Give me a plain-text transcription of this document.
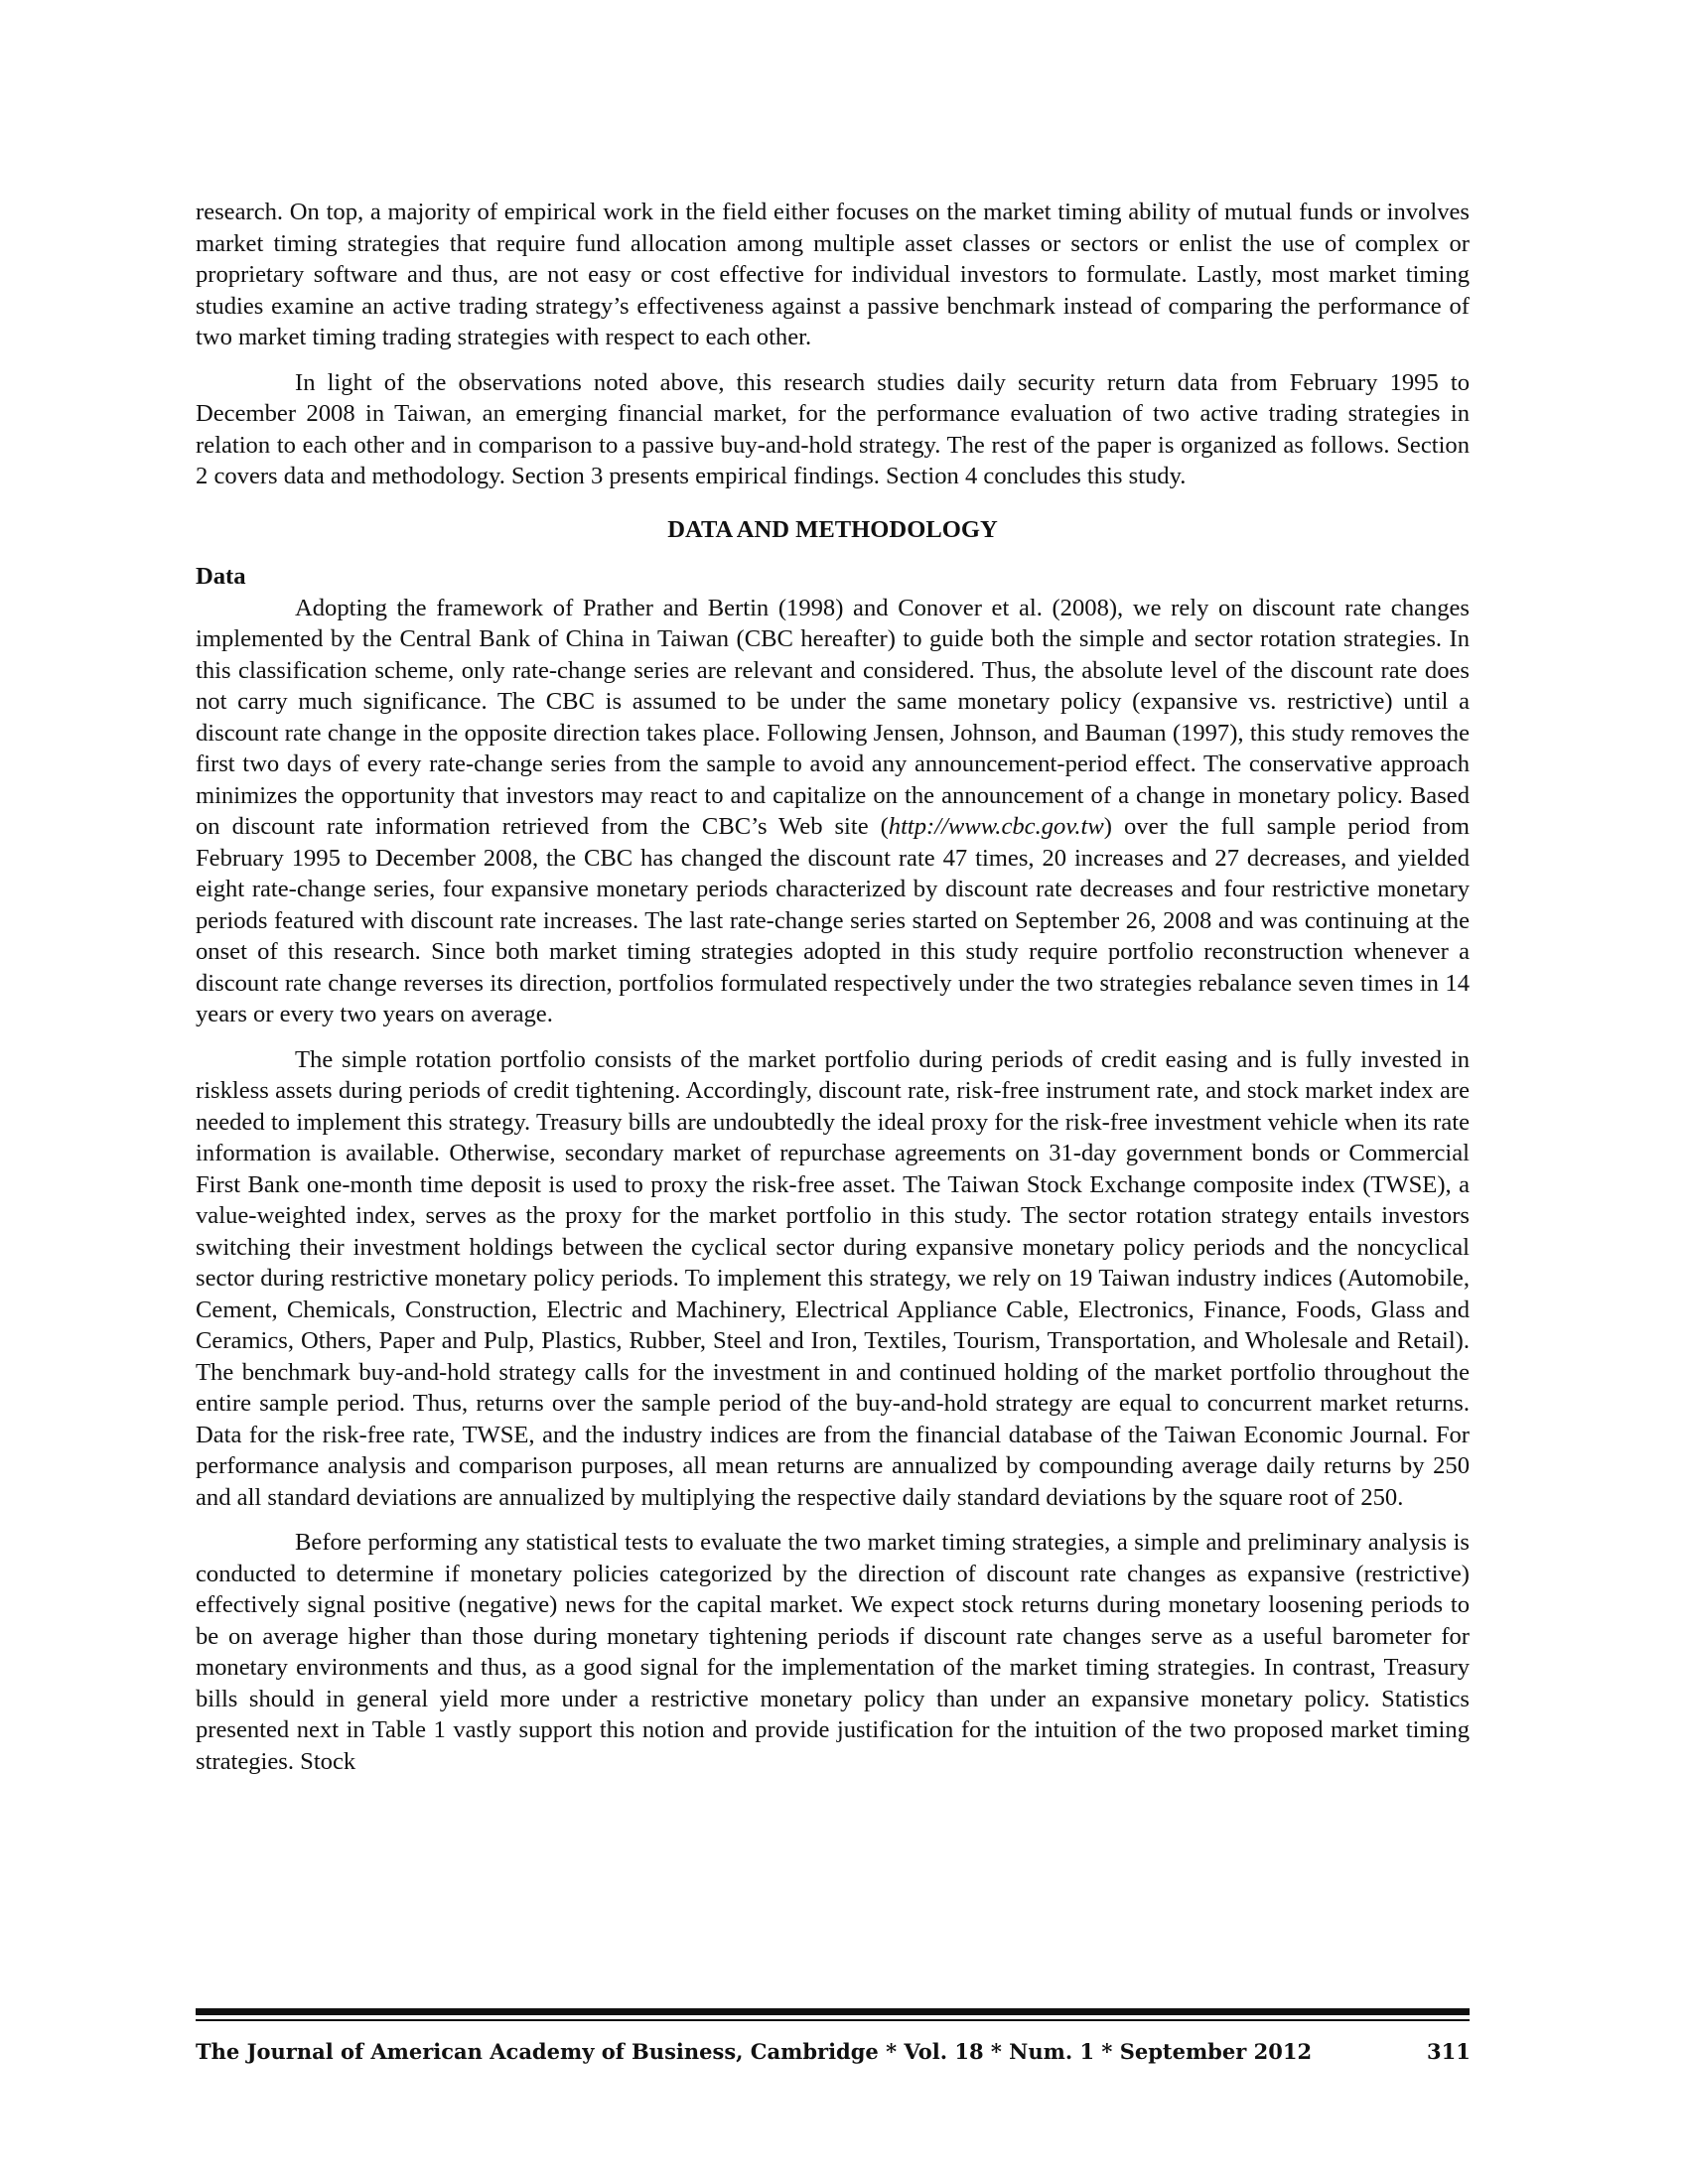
research. On top, a majority of empirical work in the field either focuses on the market timing ability of mutual funds or involves market timing strategies that require fund allocation among multiple asset classes or sectors or enlist the use of complex or proprietary software and thus, are not easy or cost effective for individual investors to formulate. Lastly, most market timing studies examine an active trading strategy’s effectiveness against a passive benchmark instead of comparing the performance of two market timing trading strategies with respect to each other.

In light of the observations noted above, this research studies daily security return data from February 1995 to December 2008 in Taiwan, an emerging financial market, for the performance evaluation of two active trading strategies in relation to each other and in comparison to a passive buy-and-hold strategy. The rest of the paper is organized as follows. Section 2 covers data and methodology. Section 3 presents empirical findings. Section 4 concludes this study.

DATA AND METHODOLOGY
Data

Adopting the framework of Prather and Bertin (1998) and Conover et al. (2008), we rely on discount rate changes implemented by the Central Bank of China in Taiwan (CBC hereafter) to guide both the simple and sector rotation strategies. In this classification scheme, only rate-change series are relevant and considered. Thus, the absolute level of the discount rate does not carry much significance. The CBC is assumed to be under the same monetary policy (expansive vs. restrictive) until a discount rate change in the opposite direction takes place. Following Jensen, Johnson, and Bauman (1997), this study removes the first two days of every rate-change series from the sample to avoid any announcement-period effect. The conservative approach minimizes the opportunity that investors may react to and capitalize on the announcement of a change in monetary policy. Based on discount rate information retrieved from the CBC’s Web site (http://www.cbc.gov.tw) over the full sample period from February 1995 to December 2008, the CBC has changed the discount rate 47 times, 20 increases and 27 decreases, and yielded eight rate-change series, four expansive monetary periods characterized by discount rate decreases and four restrictive monetary periods featured with discount rate increases. The last rate-change series started on September 26, 2008 and was continuing at the onset of this research. Since both market timing strategies adopted in this study require portfolio reconstruction whenever a discount rate change reverses its direction, portfolios formulated respectively under the two strategies rebalance seven times in 14 years or every two years on average.

The simple rotation portfolio consists of the market portfolio during periods of credit easing and is fully invested in riskless assets during periods of credit tightening. Accordingly, discount rate, risk-free instrument rate, and stock market index are needed to implement this strategy. Treasury bills are undoubtedly the ideal proxy for the risk-free investment vehicle when its rate information is available. Otherwise, secondary market of repurchase agreements on 31-day government bonds or Commercial First Bank one-month time deposit is used to proxy the risk-free asset. The Taiwan Stock Exchange composite index (TWSE), a value-weighted index, serves as the proxy for the market portfolio in this study. The sector rotation strategy entails investors switching their investment holdings between the cyclical sector during expansive monetary policy periods and the noncyclical sector during restrictive monetary policy periods. To implement this strategy, we rely on 19 Taiwan industry indices (Automobile, Cement, Chemicals, Construction, Electric and Machinery, Electrical Appliance Cable, Electronics, Finance, Foods, Glass and Ceramics, Others, Paper and Pulp, Plastics, Rubber, Steel and Iron, Textiles, Tourism, Transportation, and Wholesale and Retail). The benchmark buy-and-hold strategy calls for the investment in and continued holding of the market portfolio throughout the entire sample period. Thus, returns over the sample period of the buy-and-hold strategy are equal to concurrent market returns. Data for the risk-free rate, TWSE, and the industry indices are from the financial database of the Taiwan Economic Journal. For performance analysis and comparison purposes, all mean returns are annualized by compounding average daily returns by 250 and all standard deviations are annualized by multiplying the respective daily standard deviations by the square root of 250.

Before performing any statistical tests to evaluate the two market timing strategies, a simple and preliminary analysis is conducted to determine if monetary policies categorized by the direction of discount rate changes as expansive (restrictive) effectively signal positive (negative) news for the capital market. We expect stock returns during monetary loosening periods to be on average higher than those during monetary tightening periods if discount rate changes serve as a useful barometer for monetary environments and thus, as a good signal for the implementation of the market timing strategies. In contrast, Treasury bills should in general yield more under a restrictive monetary policy than under an expansive monetary policy. Statistics presented next in Table 1 vastly support this notion and provide justification for the intuition of the two proposed market timing strategies. Stock

The Journal of American Academy of Business, Cambridge * Vol. 18 * Num. 1 * September 2012	311
